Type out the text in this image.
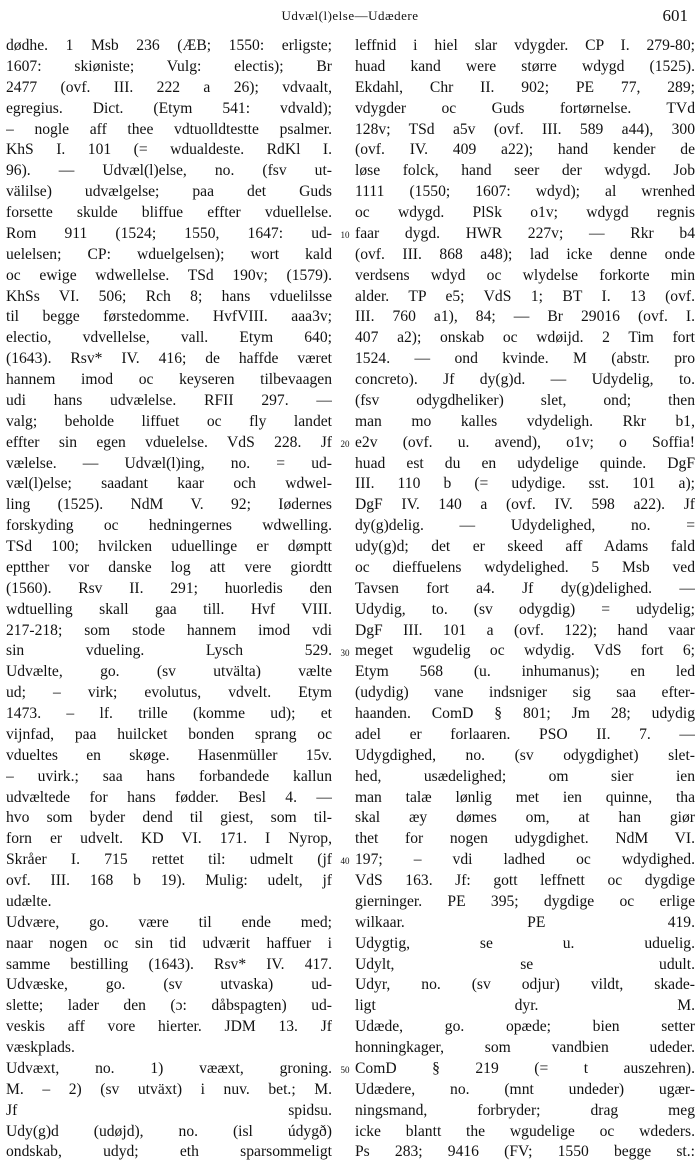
Udvæl(l)else—Udædere	601
dødhe. 1 Msb 236 (ÆB; 1550: erligste;
1607: skiøniste; Vulg: electis); Br
2477 (ovf. III. 222 a 26); vdvaalt,
egregius. Dict. (Etym 541: vdvald);
– nogle aff thee vdtuolldtestte psalmer.
KhS I. 101 (= wdualdeste. RdKl I.
96). — Udvæl(l)else, no. (fsv ut-
välilse) udvælgelse; paa det Guds
forsette skulde bliffue effter vduellelse.
Rom 911 (1524; 1550, 1647: ud-
uelelsen; CP: wduelgelsen); wort kald
oc ewige wdwellelse. TSd 190v; (1579).
KhSs VI. 506; Rch 8; hans vduelilsse
til begge førstedomme. HvfVIII. aaa3v;
electio, vdvellelse, vall. Etym 640;
(1643). Rsv* IV. 416; de haffde været
hannem imod oc keyseren tilbevaagen
udi hans udvælelse. RFII 297. —
valg; beholde liffuet oc fly landet
effter sin egen vduelelse. VdS 228. Jf
vælelse. — Udvæl(l)ing, no. = ud-
væl(l)else; saadant kaar och wdwel-
ling (1525). NdM V. 92; Iødernes
forskyding oc hedningernes wdwelling.
TSd 100; hvilcken uduellinge er dømptt
eptther vor danske log att vere giordtt
(1560). Rsv II. 291; huorledis den
wdtuelling skall gaa till. Hvf VIII.
217-218; som stode hannem imod vdi
sin vdueling. Lysch 529.
Udvælte, go. (sv utvälta) vælte
ud; – virk; evolutus, vdvelt. Etym
1473. – lf. trille (komme ud); et
vijnfad, paa huilcket bonden sprang oc
vdueltes en skøge. Hasenmüller 15v.
– uvirk.; saa hans forbandede kallun
udvæltede for hans fødder. Besl 4. —
hvo som byder dend til giest, som til-
forn er udvelt. KD VI. 171. I Nyrop,
Skråer I. 715 rettet til: udmelt (jf
ovf. III. 168 b 19). Mulig: udelt, jf
udælte.
Udvære, go. være til ende med;
naar nogen oc sin tid udværit haffuer i
samme bestilling (1643). Rsv* IV. 417.
Udvæske, go. (sv utvaska) ud-
slette; lader den (ɔ: dåbspagten) ud-
veskis aff vore hierter. JDM 13. Jf
væskplads.
Udvæxt, no. 1) vææxt, groning.
M. – 2) (sv utväxt) i nuv. bet.; M.
Jf spidsu.
Udy(g)d (udøjd), no. (isl údygð)
ondskab, udyd; eth sparsommeligt
leffnid i hiel slar vdygder. CP I. 279-80;
huad kand were større wdygd (1525).
Ekdahl, Chr II. 902; PE 77, 289;
vdygder oc Guds fortørnelse. TVd
128v; TSd a5v (ovf. III. 589 a44), 300
(ovf. IV. 409 a22); hand kender de
løse folck, hand seer der wdygd. Job
1111 (1550; 1607: wdyd); al wrenhed
oc wdygd. PlSk o1v; wdygd regnis
faar dygd. HWR 227v; — Rkr b4
(ovf. III. 868 a48); lad icke denne onde
verdsens wdyd oc wlydelse forkorte min
alder. TP e5; VdS 1; BT I. 13 (ovf.
III. 760 a1), 84; — Br 29016 (ovf. I.
407 a2); onskab oc wdøijd. 2 Tim fort
1524. — ond kvinde. M (abstr. pro
concreto). Jf dy(g)d. — Udydelig, to.
(fsv odygdheliker) slet, ond; then
man mo kalles vdydeligh. Rkr b1,
e2v (ovf. u. avend), o1v; o Soffia!
huad est du en udydelige quinde. DgF
III. 110 b (= udydige. sst. 101 a);
DgF IV. 140 a (ovf. IV. 598 a22). Jf
dy(g)delig. — Udydelighed, no. =
udy(g)d; det er skeed aff Adams fald
oc dieffuelens wdydelighed. 5 Msb ved
Tavsen fort a4. Jf dy(g)delighed. —
Udydig, to. (sv odygdig) = udydelig;
DgF III. 101 a (ovf. 122); hand vaar
meget wgudelig oc wdydig. VdS fort 6;
Etym 568 (u. inhumanus); en led
(udydig) vane indsniger sig saa efter-
haanden. ComD § 801; Jm 28; udydig
adel er forlaaren. PSO II. 7. —
Udygdighed, no. (sv odygdighet) slet-
hed, usædelighed; om sier ien
man talæ lønlig met ien quinne, tha
skal æy dømes om, at han giør
thet for nogen udygdighet. NdM VI.
197; – vdi ladhed oc wdydighed.
VdS 163. Jf: gott leffnett oc dygdige
gierninger. PE 395; dygdige oc erlige
wilkaar. PE 419.
Udygtig, se u. uduelig.
Udylt, se udult.
Udyr, no. (sv odjur) vildt, skade-
ligt dyr. M.
Udæde, go. opæde; bien setter
honningkager, som vandbien udeder.
ComD § 219 (= t auszehren).
Udædere, no. (mnt undeder) ugær-
ningsmand, forbryder; drag meg
icke blantt the wgudelige oc wdeders.
Ps 283; 9416 (FV; 1550 begge st.:
10
20
30
40
50
